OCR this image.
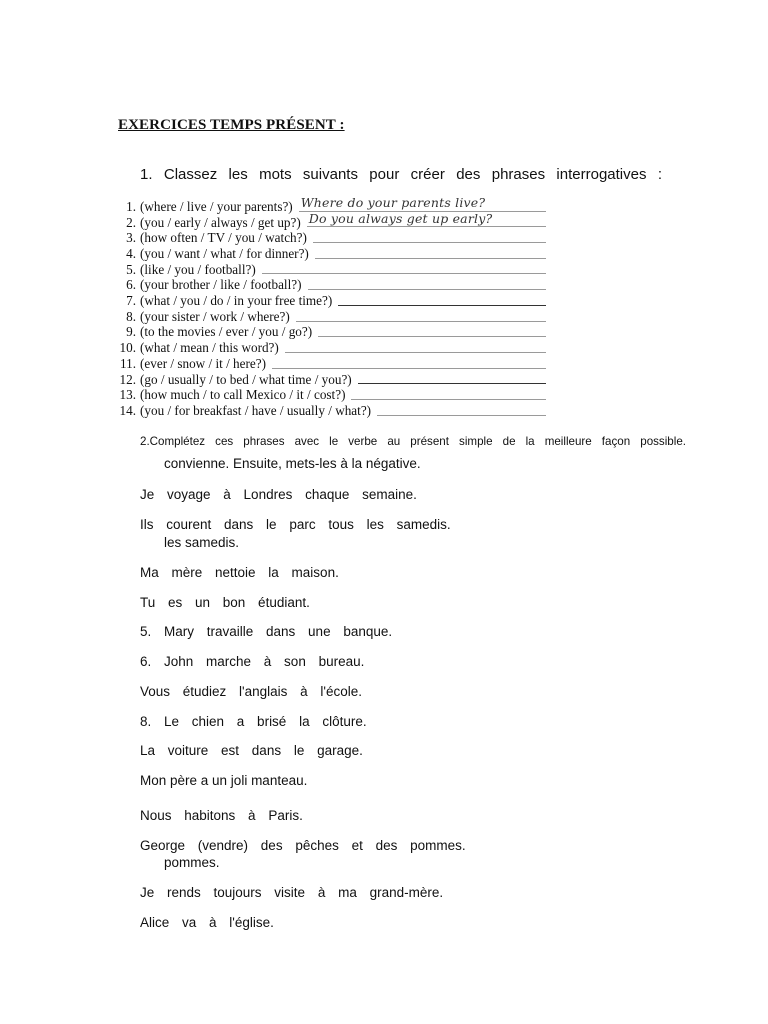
EXERCICES TEMPS PRÉSENT :
1. Classez les mots suivants pour créer des phrases interrogatives :
1. (where / live / your parents?) Where do your parents live?
2. (you / early / always / get up?) Do you always get up early?
3. (how often / TV / you / watch?)
4. (you / want / what / for dinner?)
5. (like / you / football?)
6. (your brother / like / football?)
7. (what / you / do / in your free time?)
8. (your sister / work / where?)
9. (to the movies / ever / you / go?)
10. (what / mean / this word?)
11. (ever / snow / it / here?)
12. (go / usually / to bed / what time / you?)
13. (how much / to call Mexico / it / cost?)
14. (you / for breakfast / have / usually / what?)
2.Complétez ces phrases avec le verbe au présent simple de la meilleure façon possible.
convienne. Ensuite, mets-les à la négative.
Je voyage à Londres chaque semaine.
Ils courent dans le parc tous les samedis.
les samedis.
Ma mère nettoie la maison.
Tu es un bon étudiant.
5. Mary travaille dans une banque.
6. John marche à son bureau.
Vous étudiez l'anglais à l'école.
8. Le chien a brisé la clôture.
La voiture est dans le garage.
Mon père a un joli manteau.
Nous habitons à Paris.
George (vendre) des pêches et des pommes.
pommes.
Je rends toujours visite à ma grand-mère.
Alice va à l'église.
